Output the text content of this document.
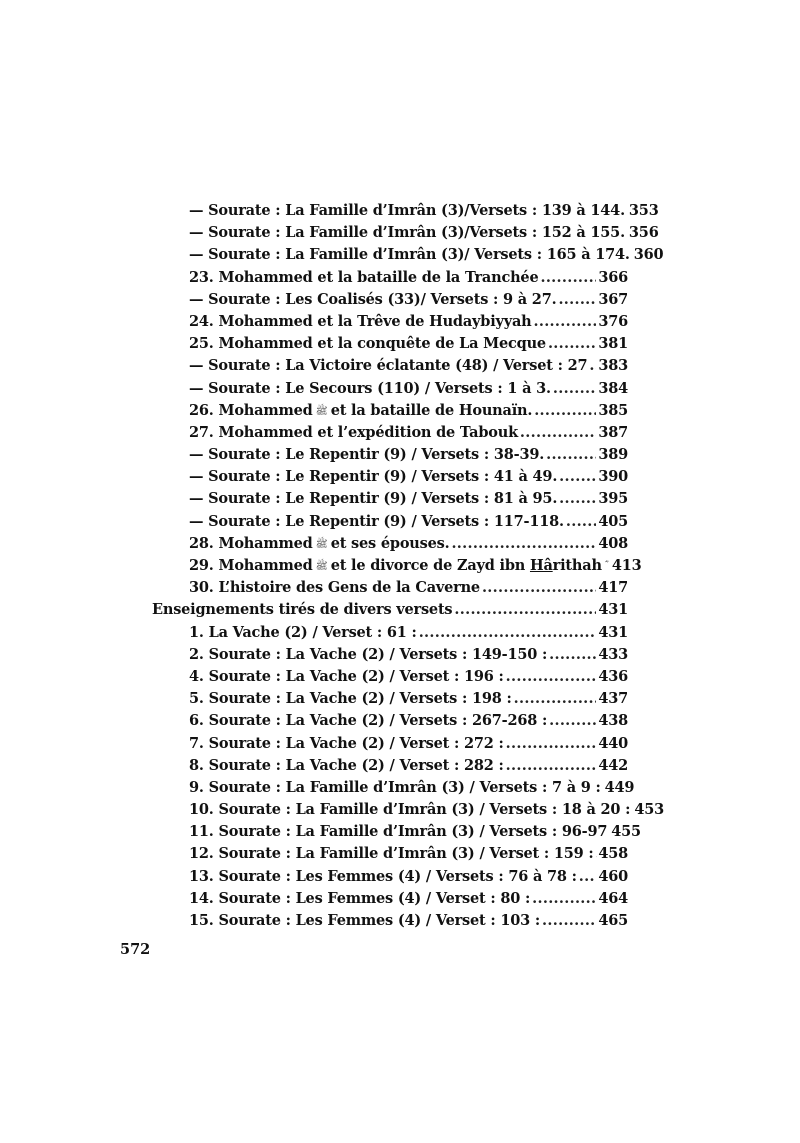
— Sourate : La Famille d’Imrân (3)/Versets : 139 à 144. 353
— Sourate : La Famille d’Imrân (3)/Versets : 152 à 155. 356
— Sourate : La Famille d’Imrân (3)/ Versets : 165 à 174. 360
23. Mohammed et la bataille de la Tranchée .....	366
— Sourate : Les Coalisés (33)/ Versets : 9 à 27. .....	367
24. Mohammed et la Trêve de Hudaybiyyah .....	376
25. Mohammed et la conquête de La Mecque .....	381
— Sourate : La Victoire éclatante (48) / Verset : 27 ..... 383
— Sourate : Le Secours (110) / Versets : 1 à 3. .....	384
26. Mohammed ﷺ et la bataille de Hounaïn. .....	385
27. Mohammed et l’expédition de Tabouk .....	387
— Sourate : Le Repentir (9) / Versets : 38-39. .....	389
— Sourate : Le Repentir (9) / Versets : 41 à 49. .....	390
— Sourate : Le Repentir (9) / Versets : 81 à 95. .....	395
— Sourate : Le Repentir (9) / Versets : 117-118. ..... 405
28. Mohammed ﷺ et ses épouses. .....	408
29. Mohammed ﷺ et le divorce de Zayd ibn Hârithah 413
30. L’histoire des Gens de la Caverne .....	417
Enseignements tirés de divers versets .....	431
1. La Vache (2) / Verset : 61 : .....	431
2. Sourate : La Vache (2) / Versets : 149-150 : .....	433
4. Sourate : La Vache (2) / Verset : 196 : .....	436
5. Sourate : La Vache (2) / Versets : 198 : .....	437
6. Sourate : La Vache (2) / Versets : 267-268 : .....	438
7. Sourate : La Vache (2) / Verset : 272 : .....	440
8. Sourate : La Vache (2) / Verset : 282 : .....	442
9. Sourate : La Famille d’Imrân (3) / Versets : 7 à 9 : 449
10. Sourate : La Famille d’Imrân (3) / Versets : 18 à 20 : 453
11. Sourate : La Famille d’Imrân (3) / Versets : 96-97 455
12. Sourate : La Famille d’Imrân (3) / Verset : 159 : ..... 458
13. Sourate : Les Femmes (4) / Versets : 76 à 78 : ..... 460
14. Sourate : Les Femmes (4) / Verset : 80 : .....	464
15. Sourate : Les Femmes (4) / Verset : 103 : .....	465
572
